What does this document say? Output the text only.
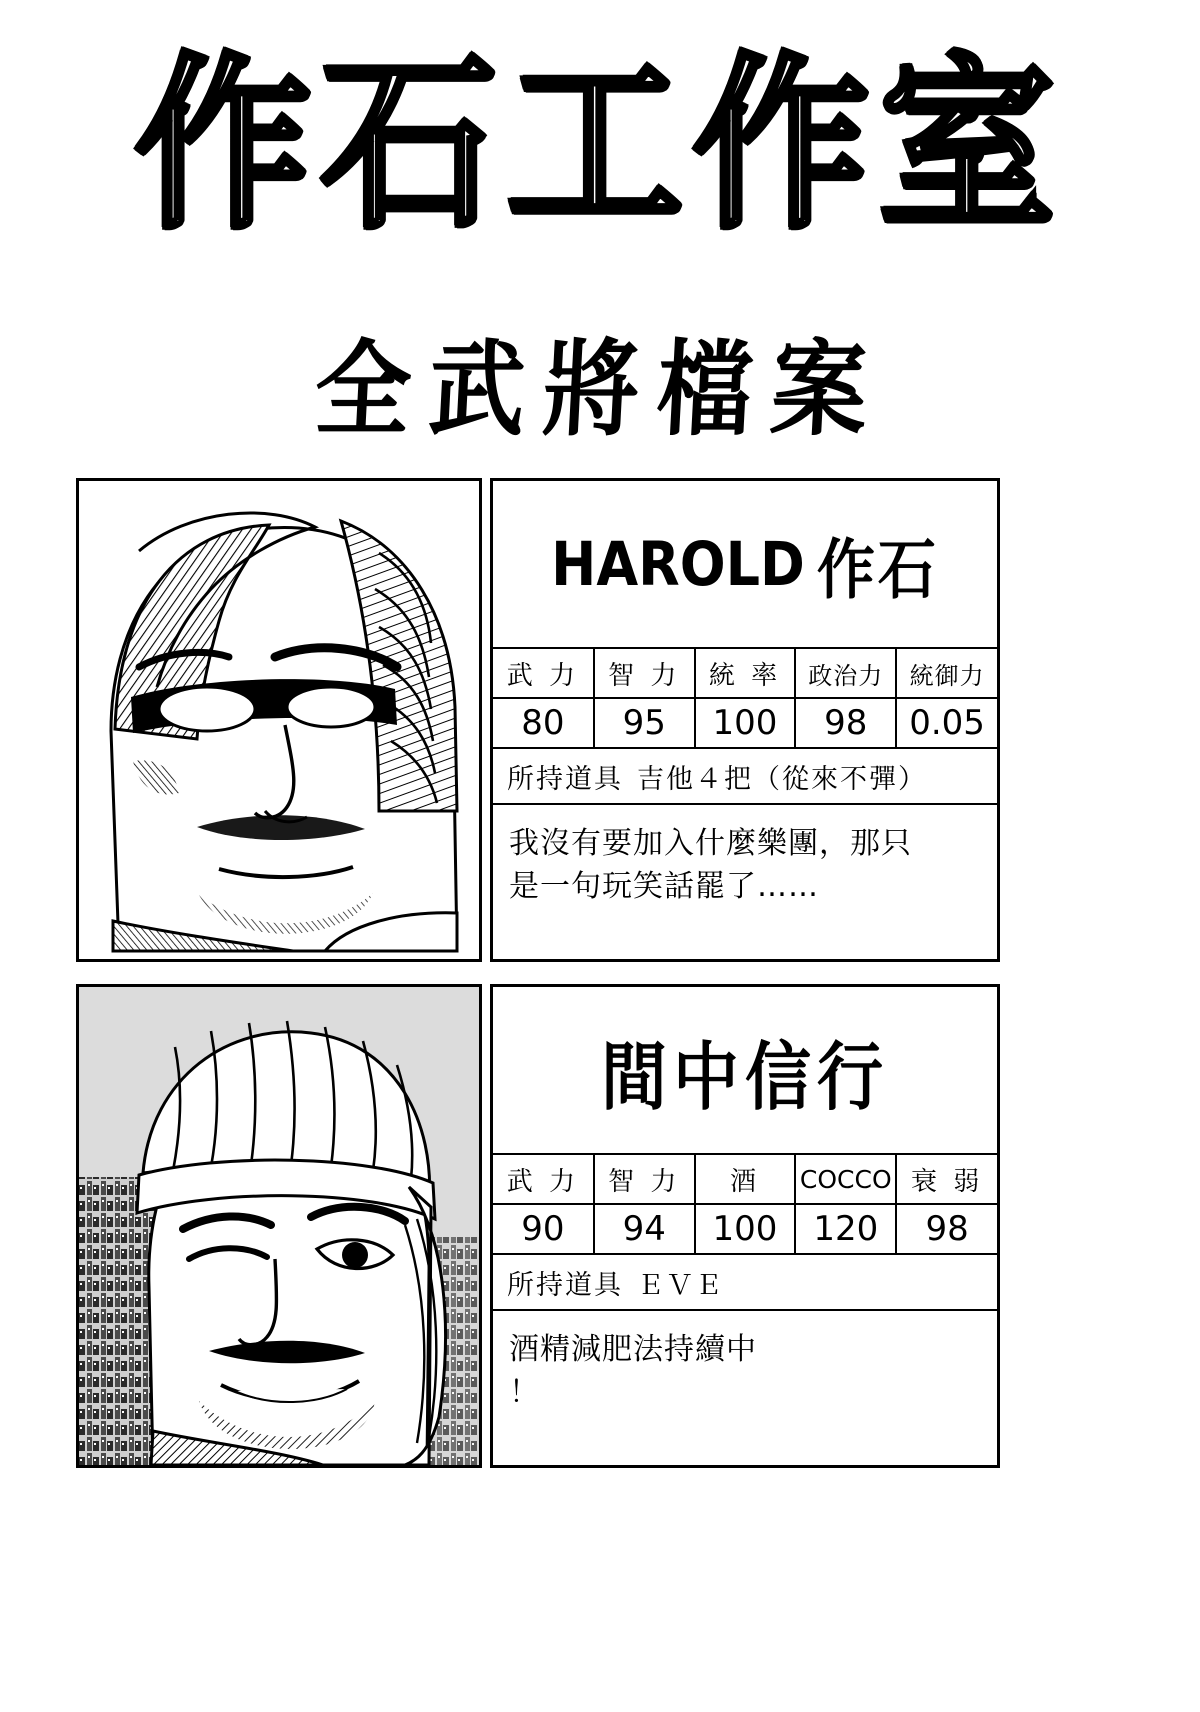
作石工作室
全武將檔案
HAROLD 作石
武 力	智 力	統 率	政治力	統御力
80	95	100	98	0.05
所持道具 吉他４把（從來不彈）
我沒有要加入什麼樂團，那只
是一句玩笑話罷了……
間中信行
武 力	智 力	酒	COCCO	衰 弱
90	94	100	120	98
所持道具 ＥＶＥ
酒精減肥法持續中
！
